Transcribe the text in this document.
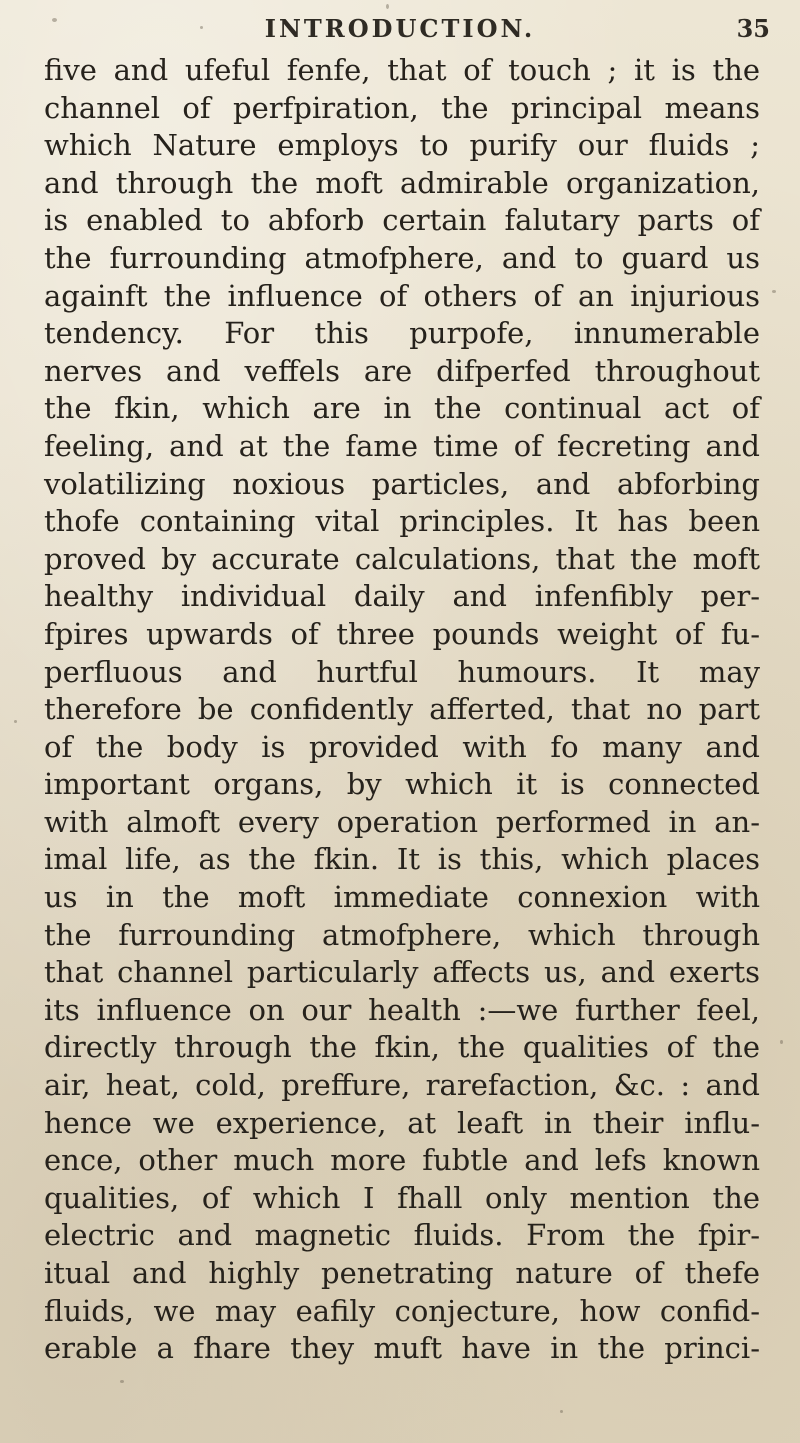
INTRODUCTION.	35
five and ufeful fenfe, that of touch ; it is the
channel of perfpiration, the principal means
which Nature employs to purify our fluids ;
and through the moft admirable organization,
is enabled to abforb certain falutary parts of
the furrounding atmofphere, and to guard us
againft the influence of others of an injurious
tendency. For this purpofe, innumerable
nerves and veffels are difperfed throughout
the fkin, which are in the continual act of
feeling, and at the fame time of fecreting and
volatilizing noxious particles, and abforbing
thofe containing vital principles. It has been
proved by accurate calculations, that the moft
healthy individual daily and infenfibly per-
fpires upwards of three pounds weight of fu-
perfluous and hurtful humours. It may
therefore be confidently afferted, that no part
of the body is provided with fo many and
important organs, by which it is connected
with almoft every operation performed in an-
imal life, as the fkin. It is this, which places
us in the moft immediate connexion with
the furrounding atmofphere, which through
that channel particularly affects us, and exerts
its influence on our health :—we further feel,
directly through the fkin, the qualities of the
air, heat, cold, preffure, rarefaction, &c. : and
hence we experience, at leaft in their influ-
ence, other much more fubtle and lefs known
qualities, of which I fhall only mention the
electric and magnetic fluids. From the fpir-
itual and highly penetrating nature of thefe
fluids, we may eafily conjecture, how confid-
erable a fhare they muft have in the princi-
